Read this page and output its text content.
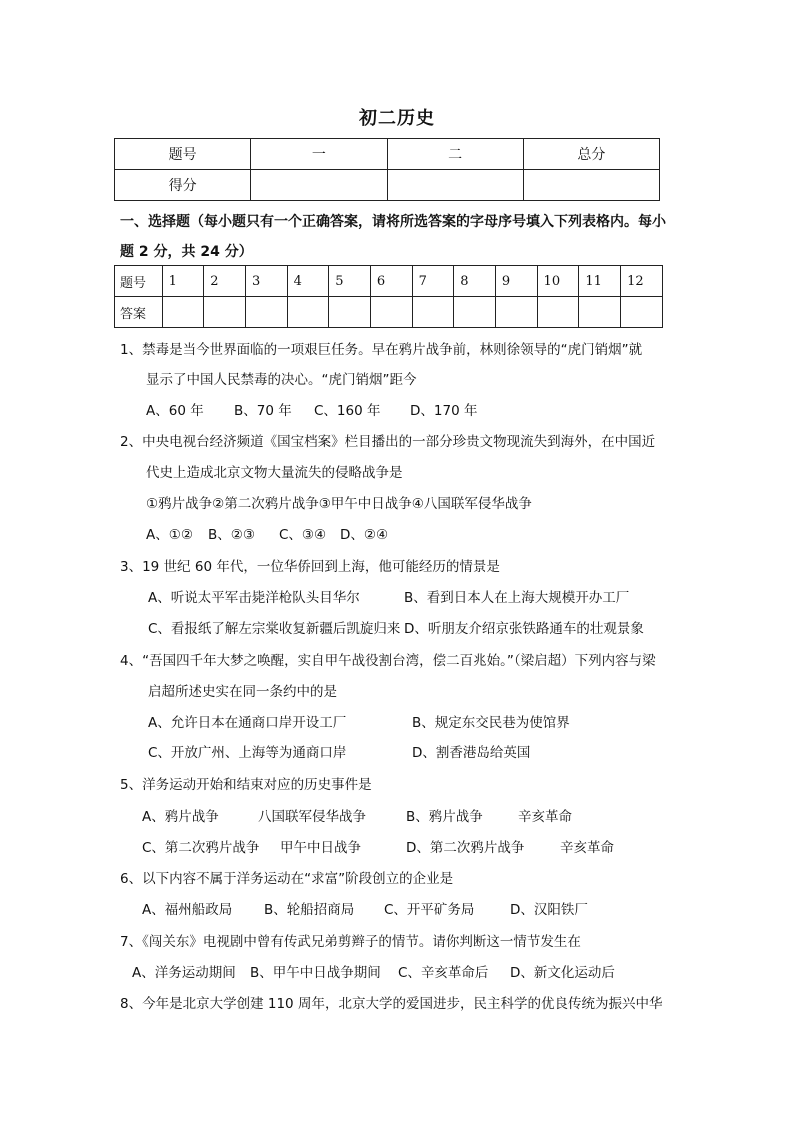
初二历史
题号	一	二	总分
得分			
一、选择题（每小题只有一个正确答案，请将所选答案的字母序号填入下列表格内。每小
题 2 分，共 24 分）
题号	1	2	3	4	5	6	7	8	9	10	11	12
答案												
1、禁毒是当今世界面临的一项艰巨任务。早在鸦片战争前，林则徐领导的“虎门销烟”就
显示了中国人民禁毒的决心。“虎门销烟”距今
A、60 年 B、70 年 C、160 年 D、170 年
2、中央电视台经济频道《国宝档案》栏目播出的一部分珍贵文物现流失到海外，在中国近
代史上造成北京文物大量流失的侵略战争是
①鸦片战争②第二次鸦片战争③甲午中日战争④八国联军侵华战争
A、①② B、②③ C、③④ D、②④
3、19 世纪 60 年代，一位华侨回到上海，他可能经历的情景是
A、听说太平军击毙洋枪队头目华尔	B、看到日本人在上海大规模开办工厂
C、看报纸了解左宗棠收复新疆后凯旋归来 D、听朋友介绍京张铁路通车的壮观景象
4、“吾国四千年大梦之唤醒，实自甲午战役割台湾，偿二百兆始。”（梁启超）下列内容与梁
启超所述史实在同一条约中的是
A、允许日本在通商口岸开设工厂	B、规定东交民巷为使馆界
C、开放广州、上海等为通商口岸	D、割香港岛给英国
5、洋务运动开始和结束对应的历史事件是
A、鸦片战争	八国联军侵华战争	B、鸦片战争	辛亥革命
C、第二次鸦片战争 甲午中日战争	D、第二次鸦片战争	辛亥革命
6、以下内容不属于洋务运动在“求富”阶段创立的企业是
A、福州船政局 B、轮船招商局 C、开平矿务局	D、汉阳铁厂
7、《闯关东》电视剧中曾有传武兄弟剪辫子的情节。请你判断这一情节发生在
A、洋务运动期间 B、甲午中日战争期间 C、辛亥革命后 D、新文化运动后
8、今年是北京大学创建 110 周年，北京大学的爱国进步，民主科学的优良传统为振兴中华
